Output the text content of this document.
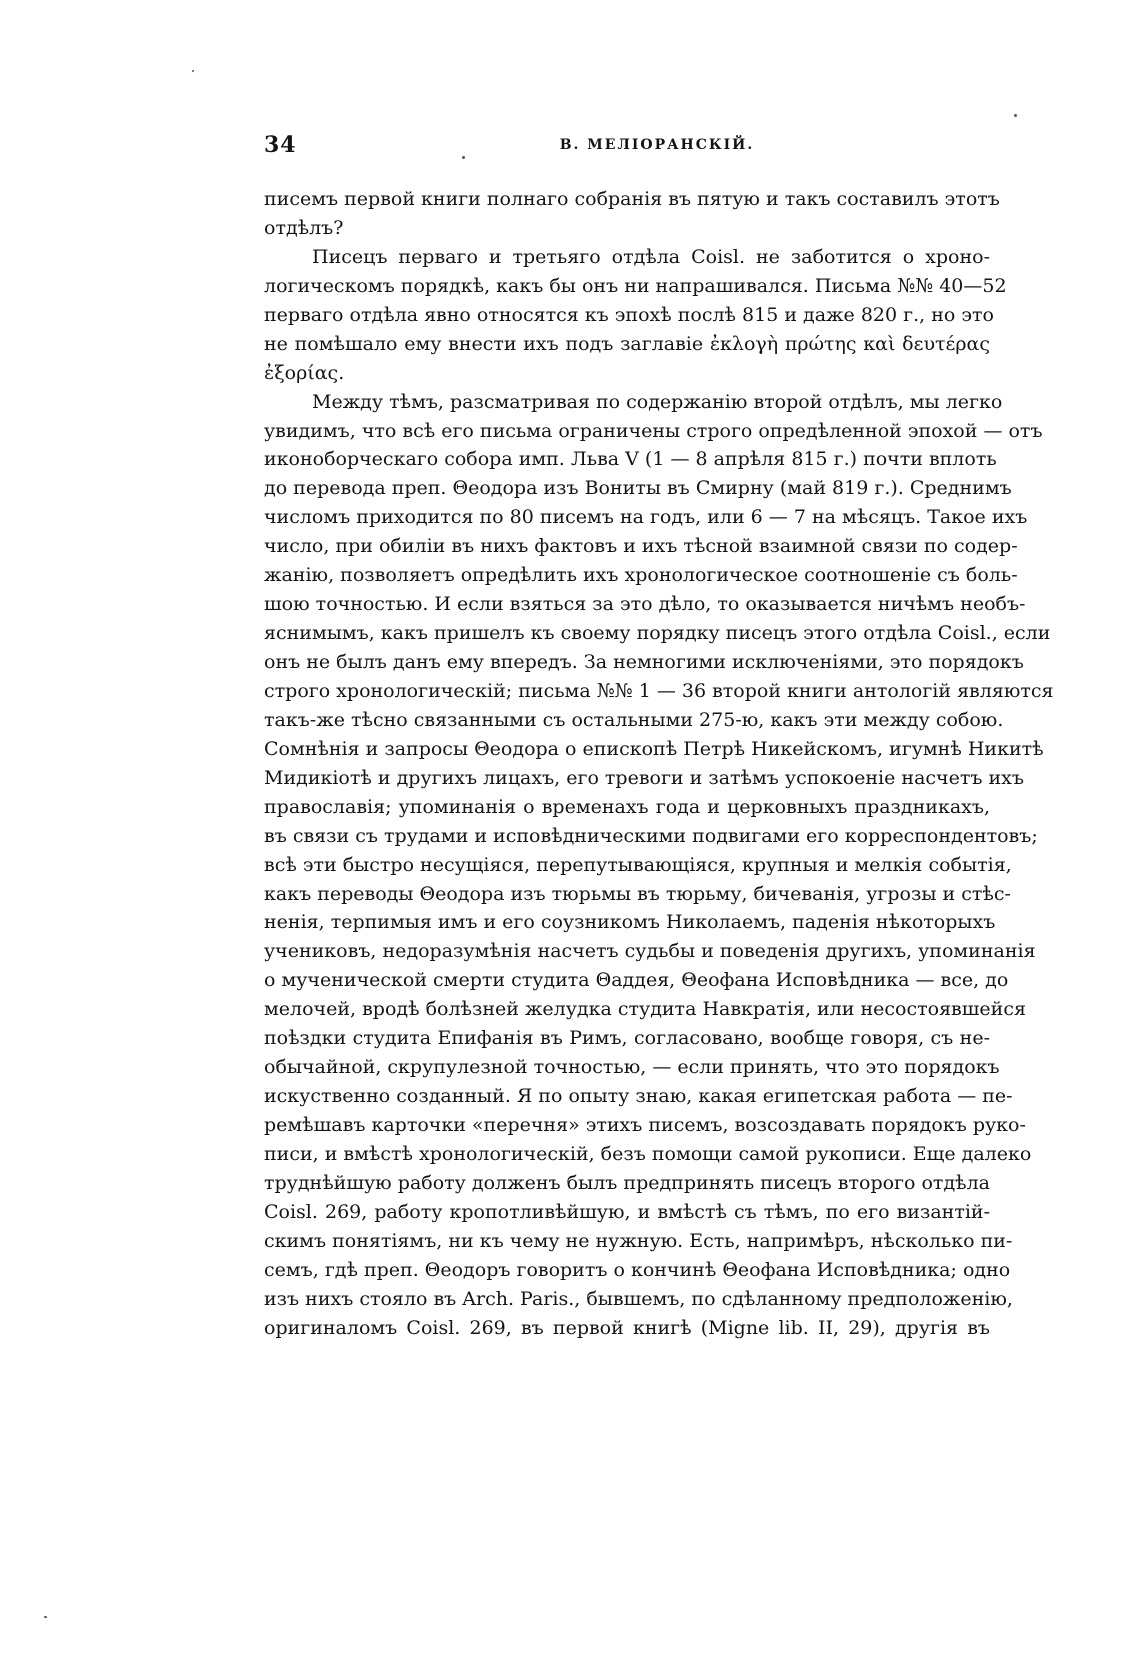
34	В. МЕЛІОРАНСКІЙ.
писемъ первой книги полнаго собранія въ пятую и такъ составилъ этотъ
отдѣлъ?
Писецъ перваго и третьяго отдѣла Coisl. не заботится о хроно-
логическомъ порядкѣ, какъ бы онъ ни напрашивался. Письма №№ 40—52
перваго отдѣла явно относятся къ эпохѣ послѣ 815 и даже 820 г., но это
не помѣшало ему внести ихъ подъ заглавіе ἐκλογὴ πρώτης καὶ δευτέρας
ἐξορίας.
Между тѣмъ, разсматривая по содержанію второй отдѣлъ, мы легко
увидимъ, что всѣ его письма ограничены строго опредѣленной эпохой — отъ
иконоборческаго собора имп. Льва V (1 — 8 апрѣля 815 г.) почти вплоть
до перевода преп. Θеодора изъ Вониты въ Смирну (май 819 г.). Среднимъ
числомъ приходится по 80 писемъ на годъ, или 6 — 7 на мѣсяцъ. Такое ихъ
число, при обиліи въ нихъ фактовъ и ихъ тѣсной взаимной связи по содер-
жанію, позволяетъ опредѣлить ихъ хронологическое соотношеніе съ боль-
шою точностью. И если взяться за это дѣло, то оказывается ничѣмъ необъ-
яснимымъ, какъ пришелъ къ своему порядку писецъ этого отдѣла Coisl., если
онъ не былъ данъ ему впередъ. За немногими исключеніями, это порядокъ
строго хронологическій; письма №№ 1 — 36 второй книги антологій являются
такъ-же тѣсно связанными съ остальными 275-ю, какъ эти между собою.
Сомнѣнія и запросы Θеодора о епископѣ Петрѣ Никейскомъ, игумнѣ Никитѣ
Мидикіотѣ и другихъ лицахъ, его тревоги и затѣмъ успокоеніе насчетъ ихъ
православія; упоминанія о временахъ года и церковныхъ праздникахъ,
въ связи съ трудами и исповѣдническими подвигами его корреспондентовъ;
всѣ эти быстро несущіяся, перепутывающіяся, крупныя и мелкія событія,
какъ переводы Θеодора изъ тюрьмы въ тюрьму, бичеванія, угрозы и стѣс-
ненія, терпимыя имъ и его соузникомъ Николаемъ, паденія нѣкоторыхъ
учениковъ, недоразумѣнія насчетъ судьбы и поведенія другихъ, упоминанія
о мученической смерти студита Θаддея, Θеофана Исповѣдника — все, до
мелочей, вродѣ болѣзней желудка студита Навкратія, или несостоявшейся
поѣздки студита Епифанія въ Римъ, согласовано, вообще говоря, съ не-
обычайной, скрупулезной точностью, — если принять, что это порядокъ
искуственно созданный. Я по опыту знаю, какая египетская работа — пе-
ремѣшавъ карточки «перечня» этихъ писемъ, возсоздавать порядокъ руко-
писи, и вмѣстѣ хронологическій, безъ помощи самой рукописи. Еще далеко
труднѣйшую работу долженъ былъ предпринять писецъ второго отдѣла
Coisl. 269, работу кропотливѣйшую, и вмѣстѣ съ тѣмъ, по его византій-
скимъ понятіямъ, ни къ чему не нужную. Есть, напримѣръ, нѣсколько пи-
семъ, гдѣ преп. Θеодоръ говоритъ о кончинѣ Θеофана Исповѣдника; одно
изъ нихъ стояло въ Arch. Paris., бывшемъ, по сдѣланному предположенію,
оригиналомъ Coisl. 269, въ первой книгѣ (Migne lib. II, 29), другія въ
